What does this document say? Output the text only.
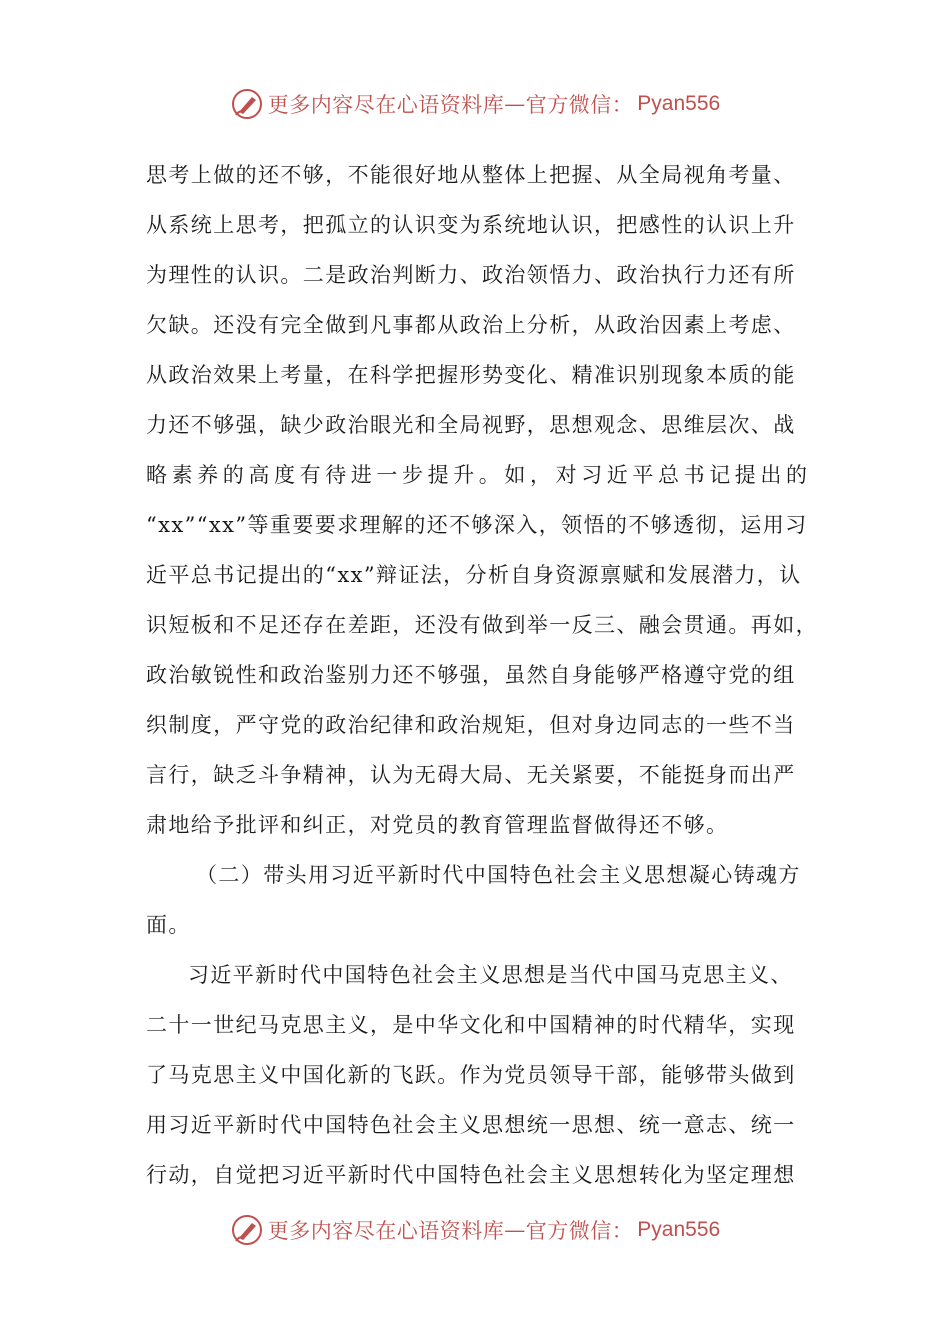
更多内容尽在心语资料库 — 官方微信： Pyan556
思考上做的还不够，不能很好地从整体上把握、从全局视角考量、
从系统上思考，把孤立的认识变为系统地认识，把感性的认识上升
为理性的认识。二是政治判断力、政治领悟力、政治执行力还有所
欠缺。还没有完全做到凡事都从政治上分析，从政治因素上考虑、
从政治效果上考量，在科学把握形势变化、精准识别现象本质的能
力还不够强，缺少政治眼光和全局视野，思想观念、思维层次、战
略素养的高度有待进一步提升。如，对习近平总书记提出的
“xx”“xx”等重要要求理解的还不够深入，领悟的不够透彻，运用习
近平总书记提出的“xx”辩证法，分析自身资源禀赋和发展潜力，认
识短板和不足还存在差距，还没有做到举一反三、融会贯通。再如，
政治敏锐性和政治鉴别力还不够强，虽然自身能够严格遵守党的组
织制度，严守党的政治纪律和政治规矩，但对身边同志的一些不当
言行，缺乏斗争精神，认为无碍大局、无关紧要，不能挺身而出严
肃地给予批评和纠正，对党员的教育管理监督做得还不够。
（二）带头用习近平新时代中国特色社会主义思想凝心铸魂方
面。
习近平新时代中国特色社会主义思想是当代中国马克思主义、
二十一世纪马克思主义，是中华文化和中国精神的时代精华，实现
了马克思主义中国化新的飞跃。作为党员领导干部，能够带头做到
用习近平新时代中国特色社会主义思想统一思想、统一意志、统一
行动，自觉把习近平新时代中国特色社会主义思想转化为坚定理想
更多内容尽在心语资料库 — 官方微信： Pyan556
